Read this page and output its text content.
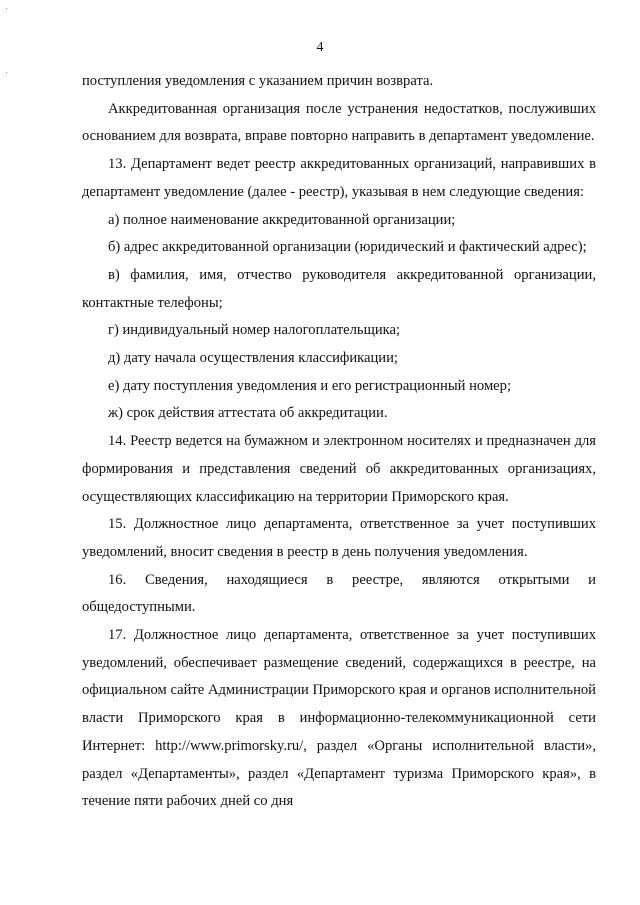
4

поступления уведомления с указанием причин возврата.

Аккредитованная организация после устранения недостатков, послуживших основанием для возврата, вправе повторно направить в департамент уведомление.

13. Департамент ведет реестр аккредитованных организаций, направивших в департамент уведомление (далее - реестр), указывая в нем следующие сведения:

а) полное наименование аккредитованной организации;

б) адрес аккредитованной организации (юридический и фактический адрес);

в) фамилия, имя, отчество руководителя аккредитованной организации, контактные телефоны;

г) индивидуальный номер налогоплательщика;

д) дату начала осуществления классификации;

е) дату поступления уведомления и его регистрационный номер;

ж) срок действия аттестата об аккредитации.

14. Реестр ведется на бумажном и электронном носителях и предназначен для формирования и представления сведений об аккредитованных организациях, осуществляющих классификацию на территории Приморского края.

15. Должностное лицо департамента, ответственное за учет поступивших уведомлений, вносит сведения в реестр в день получения уведомления.

16. Сведения, находящиеся в реестре, являются открытыми и общедоступными.

17. Должностное лицо департамента, ответственное за учет поступивших уведомлений, обеспечивает размещение сведений, содержащихся в реестре, на официальном сайте Администрации Приморского края и органов исполнительной власти Приморского края в информационно-телекоммуникационной сети Интернет: http://www.primorsky.ru/, раздел «Органы исполнительной власти», раздел «Департаменты», раздел «Департамент туризма Приморского края», в течение пяти рабочих дней со дня
